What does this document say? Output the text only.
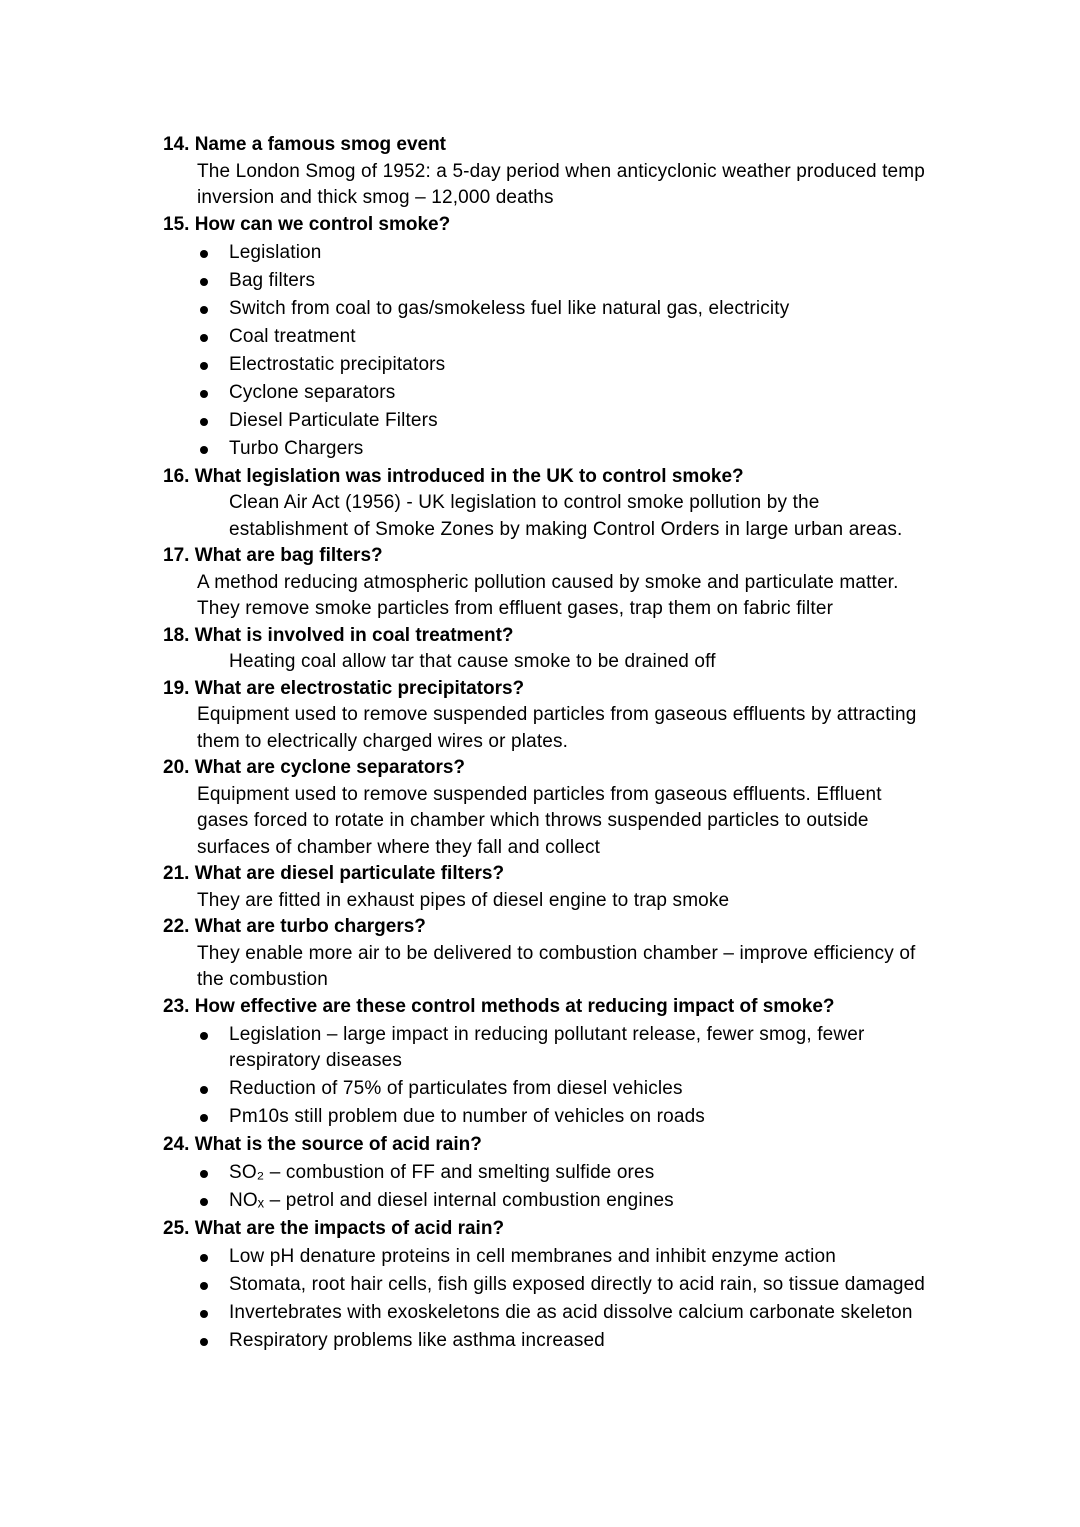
14. Name a famous smog event

The London Smog of 1952: a 5-day period when anticyclonic weather produced temp

inversion and thick smog – 12,000 deaths

15. How can we control smoke?

Legislation
Bag filters
Switch from coal to gas/smokeless fuel like natural gas, electricity
Coal treatment
Electrostatic precipitators
Cyclone separators
Diesel Particulate Filters
Turbo Chargers

16. What legislation was introduced in the UK to control smoke?

Clean Air Act (1956) - UK legislation to control smoke pollution by the

establishment of Smoke Zones by making Control Orders in large urban areas.

17. What are bag filters?

A method reducing atmospheric pollution caused by smoke and particulate matter.

They remove smoke particles from effluent gases, trap them on fabric filter

18. What is involved in coal treatment?

Heating coal allow tar that cause smoke to be drained off

19. What are electrostatic precipitators?

Equipment used to remove suspended particles from gaseous effluents by attracting

them to electrically charged wires or plates.

20. What are cyclone separators?

Equipment used to remove suspended particles from gaseous effluents. Effluent

gases forced to rotate in chamber which throws suspended particles to outside

surfaces of chamber where they fall and collect

21. What are diesel particulate filters?

They are fitted in exhaust pipes of diesel engine to trap smoke

22. What are turbo chargers?

They enable more air to be delivered to combustion chamber – improve efficiency of

the combustion

23. How effective are these control methods at reducing impact of smoke?

Legislation – large impact in reducing pollutant release, fewer smog, fewer respiratory diseases
Reduction of 75% of particulates from diesel vehicles
Pm10s still problem due to number of vehicles on roads

24. What is the source of acid rain?

SO₂ – combustion of FF and smelting sulfide ores
NOₓ – petrol and diesel internal combustion engines

25. What are the impacts of acid rain?

Low pH denature proteins in cell membranes and inhibit enzyme action
Stomata, root hair cells, fish gills exposed directly to acid rain, so tissue damaged
Invertebrates with exoskeletons die as acid dissolve calcium carbonate skeleton
Respiratory problems like asthma increased
